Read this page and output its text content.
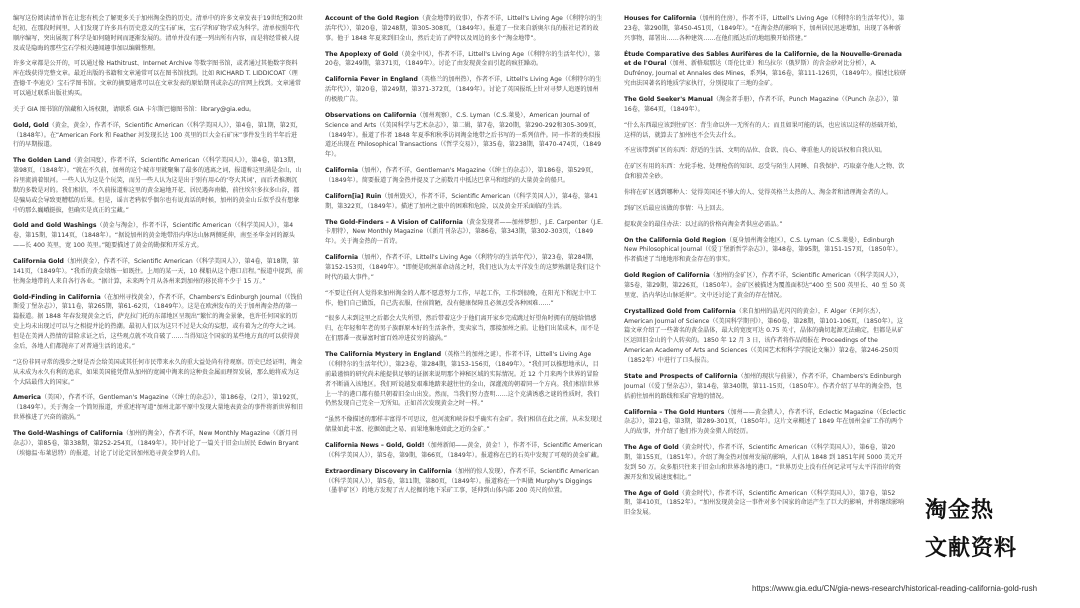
编写这份阅读清单旨在让您有机会了解更多关于加州淘金热的历史。清单中的许多文章发表于19世纪和20世纪初，在那段时间里，人们发现了许多具有历史意义的宝石矿床，宝石学和矿物学成为科学。清单按照年代顺序编写，突出展现了科学是如何随时间而逐渐发展的。清单并没有逐一列出所有内容，而是将经常被人提及或是隐晦的那些宝石学相关趣闻趣事加以编辑整理。

许多文章都是公开的，可以通过像 Hathitrust、Internet Archive 等数字图书馆，或者通过其他数字资料库在线获得完整文章。最近出版的书籍和文章通常可以在图书馆找到。比如 RICHARD T. LIDDICOAT（理查德·T·李迪克）宝石学图书馆。文章的摘要通常可以在文章发表的原始期刊或杂志的官网上找到。文章通常可以通过联系出版社购买。

关于 GIA 图书馆的馆藏和入场权限，请联系 GIA 卡尔斯巴德图书馆：library@gia.edu。

Gold, Gold（黄金，黄金），作者不详，Scientific American（《科学美国人》），第4卷，第1期，第2页，（1848年）。在“American Fork 和 Feather 河发现长达 100 英里的巨大金石矿床”事件发生的半年后进行的早期报道。

The Golden Land（黄金国度），作者不详，Scientific American（《科学美国人》），第4卷，第13期，第98页，（1848年）。“就在不久前，加州的这个城市里就聚集了最多的逃离之词，报道称这里满是金山，山谷里流淌着银河。一些人认为这是个玩笑，而另一些人认为这是出于别有用心的‘夸大其词’，而后者推测沉默的多数是对的。我们相信，不久前报道称这里的黄金遍地开花、居民遇奔南撤，前往埃尔多拉多山谷，都是骗局或会导致更糟糕的后果。但是，谣言老鸦似乎偶尔也有说真话的时候，加州的黄金山丘似乎没有想象中的那么巍峨挺拔，但确实是真正的宝藏。”

Gold and Gold Washings（黄金与淘金），作者不详，Scientific American（《科学美国人》），第4卷，第15期，第114页，（1848年）。“据说加州的黄金地带沿内华达山脉两侧延伸，南至圣华金河的源头——长 400 英里，宽 100 英里。”随要描述了黄金的勘探和开采方式。

California Gold（加州黄金），作者不详，Scientific American（《科学美国人》），第4卷，第18期，第141页，（1849年）。“我币的黄金熔炼一如既往。上周的某一天，10 棵船从这个港口启程。”报道中提到，前往淘金地带的人来自各行各业。“据计算，未来两个月从各州来到加州的移民将不少于 15 万。”

Gold-Finding in California（在加州寻找黄金），作者不详，Chambers's Edinburgh Journal（《钱伯斯爱丁堡杂志》），第11卷，第265期，第61-62页，（1849年）。这是在欧洲发布的关于加州淘金热的第一篇报道。据 1848 年春发现黄金之后，萨克拉门托的东部地区呈现出“繁忙的淘金景象，也许任何国家的历史上均未出现过可以与之相提并论的热潮。最初人们以为这只不过是大众的妄想，或有着为之的夸大之词。但是在美洲人热情的冒险求证之后，这些观点就不攻自破了……当得知这个国家的某些地方真的可以获得黄金后，各地人们都抛弃了对普通生活的追求。”

“这份非同寻常的漫步之财是否会给美国或其任何市民带来永久的重大益处尚有待观察。历史已经证明，淘金从未成为永久有利的追求，如果美国能凭借从加州的宽阔中淘来的这种贵金属而理智发展，那么她将成为这个大陆最伟大的国家。”

America（美国），作者不详，Gentleman's Magazine（《绅士的杂志》），第186卷，（2月），第192页，（1849年）。关于淘金一个简短报道，并重述将写道“加州北部平原中发现大量地表黄金的事件将新世界和旧世界推进了兴奋的漩涡。”

The Gold-Washings of California（加州的淘金），作者不详，New Monthly Magazine（《新月刊杂志》），第85卷，第338期，第252-254页，（1849年）。其中讨论了一篇关于旧金山居民 Edwin Bryant（埃德温·布莱恩特）的报道，讨论了讨论定居加州追寻黄金梦的人们。

Account of the Gold Region（黄金地带的故事），作者不详，Littell's Living Age（《利特尔的生活年代》），第20卷，第248期，第305-308页，（1849年）。报道了一位来自新奥尔良的报社记者的故事。他于 1848 年夏来到旧金山，然后走访了萨特以及周边的多个“淘金地带”。

The Apoplexy of Gold（黄金中风），作者不详，Littell's Living Age（《利特尔的生活年代》），第20卷，第249期，第371页，（1849年）。讨论了由发现黄金而引起的疯狂躁动。

California Fever in England（英格兰的加州热），作者不详，Littell's Living Age（《利特尔的生活年代》），第20卷，第249期，第371-372页，（1849年）。讨论了英国报纸上针对寻梦人追逐的加州的极般广告。

Observations on California（加州观察），C.S. Lyman（C.S.莱曼），American Journal of Science and Arts（《美国科学与艺术杂志》），第二辑，第7卷，第20期，第290-292和305-309页，（1849年）。报道了作者 1848 年夏季和秋季访问淘金地带之后书写的一系列信件。同一作者的类似报道还出现在 Philosophical Transactions（《哲学交易》），第35卷，第238期，第470-474页，（1849年）。

California（加州），作者不详，Gentleman's Magazine（《绅士的杂志》），第186卷，第529页，（1849年）。简要报道了淘金热并提及了之前数月中抵达巴拿马和纽约的大量黄金的船只。

Californ[ia] Ruin（加州毁灭），作者不详，Scientific American（《科学美国人》），第4卷，第41期，第322页，（1849年）。描述了加州之旅中的困难和危险，以及黄金开采面临的生活。

The Gold-Finders – A Vision of California（黄金发现者——加州梦想），J.E. Carpenter（J.E.卡朋特），New Monthly Magazine（《新月刊杂志》），第86卷，第343期，第302-303页，（1849年）。关于淘金热的一首诗。

California（加州），作者不详，Littell's Living Age（《利特尔的生活年代》），第23卷，第284期，第152-153页，（1849年）。“即便是欧洲革命动荡之时，我们也认为太平洋发生的这梦熟潮是我们这个时代的最大事件。”

“不要让任何人觉得来加州淘金的人都不愿意努力工作，早起工作，工作到很晚，在阳光下和泥土中工作，他们自己做饭，自己洗衣服，住宿简陋，没有健康保障且必须忍受各种困难……”

“很多人未到这里之后都会大失所望，然后带着这少于他们离开家乡完成跳过好望角时拥有的链给情感归，在年轻和年老的男子族群原本好的生活条件，变卖家当，那接加州之前。让他们出菜成本，而不是在们那番一夜暴富时富百姓冲进贫穷的漩涡。”

The California Mystery in England（英格兰的加州之谜），作者不详，Littell's Living Age（《利特尔的生活年代》），第23卷，第284期，第153-156页，（1849年）。“我们可以推想地承认，目前最谨慎的研究尚未能提供足够的证据来说明那个神秘区域的实际情况。近 12 个月来两个世界的冒险者不断涌入该地区。我们听说越发艰难地踏来越往往的金山，深灌流的朝着同一个方向。我们相信世界上一半的港口都有船只朝着旧金山出发。然而，当我们努力查明……这个克满诱惑之谜的性质时，我们仍然发现自己完全一无所知。正如首次发现黄金之时一样。”

“虽然不像描述的那样丰富得不可思议，但河流和峡谷似乎确实有金矿。我们相信在此之前，从未发现过储量如此丰富、挖掘如此之易、而果地集地如此之近的金矿。”

California News – Gold, Gold!（加州新闻——黄金，黄金！），作者不详，Scientific American（《科学美国人》），第5卷，第9期，第66页，（1849年）。报道称在已的石英中发现了可观的黄金矿藏。

Extraordinary Discovery in California（加州的惊人发现），作者不详，Scientific American（《科学美国人》），第5卷，第11期，第80页，（1849年）。报道称在一个叫做 Murphy's Diggings（墨菲矿区）的地方发现了古人挖掘的地下采矿工事，延伸到山体内部 200 英尺的位置。

Houses for California（加州的住房），作者不详，Littell's Living Age（《利特尔的生活年代》），第23卷，第290期，第450-451页，（1849年）。“在淘金热的影响下，加州居民迅速增加，出现了各种新兴事物，部署出……各种建筑……在他们抵达后的地组膜开始搭建。”

Étude Comparative des Sables Aurifères de la Californie, de la Nouvelle-Grenada et de l'Oural（加州、新格瑞那达（哥伦比亚）和乌拉尔（俄罗斯）的含金砂对比分析），A. Dufrénoy, Journal et Annales des Mines，系列4，第16卷，第111-126页，（1849年）。描述比较研究由法国著名的地质学家执行，分别提取了三地的金矿。

The Gold Seeker's Manual（淘金者手册），作者不详，Punch Magazine（《Punch 杂志》），第16卷，第64页，（1849年）。

“什么东西最应该到往矿区：背生命以外一无所有的人；而且如果可能的话，也应该以这样的基础开始，这样的话，就算去了加州也不会失去什么。

不应该带到矿区的东西：舒适的生活、文明的品位、食欲、良心、尊重他人的说话权和自我认知。

在矿区有用的东西：左轮手枪、处理枪伤的知识、忍受与陌生人同睡、自我保护、巧取豪夺他人之物、饮食和狼苦全砂。

你将在矿区遇到哪种人：觉得美国还不够大的人、觉得英格兰太热的人、淘金者和清理淘金者的人。

到矿区后最应该做的事情：马上回去。

提取黄金的最佳办法：以过高的价格向淘金者供应必需品。”

On the California Gold Region（夏身加州淘金地区），C.S. Lyman（C.S.莱曼），Edinburgh New Philosophical Journal（《爱丁堡新哲学杂志》），第48卷，第95期，第151-157页，（1850年）。作者描述了当地地形和黄金存在的事实。

Gold Region of California（加州的金矿区），作者不详，Scientific American（《科学美国人》），第5卷，第29期，第226页，（1850年）。金矿区被描述为覆盖面积达“400 至 500 英里长、40 至 50 英里宽、沿内华达山脉延伸”。文中还讨论了黄金的存在情况。

Crystallized Gold from California（来自加州的晶光闪闪的黄金），F. Alger（F.阿尔杰），American Journal of Science（《美国科学期刊》），第60卷，第28期，第101-106页，（1850年）。这篇文章介绍了一些著名的黄金晶体，最大的宽度可达 0.75 英寸，晶体的确切起源无法确定，但都是从矿区运回旧金山的个人转卖的。1850 年 12 月 3 日，该作者将作品阅报在 Proceedings of the American Academy of Arts and Sciences（《美国艺术和科学学院论文集》）第2卷，第246-250页（1852年）中进行了口头报告。

State and Prospects of California（加州的现状与前景），作者不详，Chambers's Edinburgh Journal（《爱丁堡杂志》），第14卷，第340期，第11-15页，（1850年）。作者介绍了早年的淘金热，包括前往加州的路线和采矿营地的情况。

California – The Gold Hunters（加州——黄金猎人），作者不详，Eclectic Magazine（《Eclectic 杂志》），第21卷，第3期，第289-301页，（1850年）。这片文章概述了 1849 年在加州金矿工作的两个人的故事，并介绍了他们作为黄金猎人的经历。

The Age of Gold（黄金时代），作者不详，Scientific American（《科学美国人》），第6卷，第20期，第155页，（1851年）。介绍了淘金热对加州发展的影响，人们从 1848 到 1851年间 5000 美元开发到 50 万。众多船只往来于旧金山和世界各地的港口。“世界历史上没有任何记录可与太平洋沿岸的资源开发和发展速度相比。”

The Age of Gold（黄金时代），作者不详，Scientific American（《科学美国人》），第7卷，第52期，第410页，（1852年）。“加州发现黄金这一事件对多个国家的命运产生了巨大的影响，并将继续影响旧金发展。	淘金热
文献资料
https://www.gia.edu/CN/gia-news-research/historical-reading-california-gold-rush
